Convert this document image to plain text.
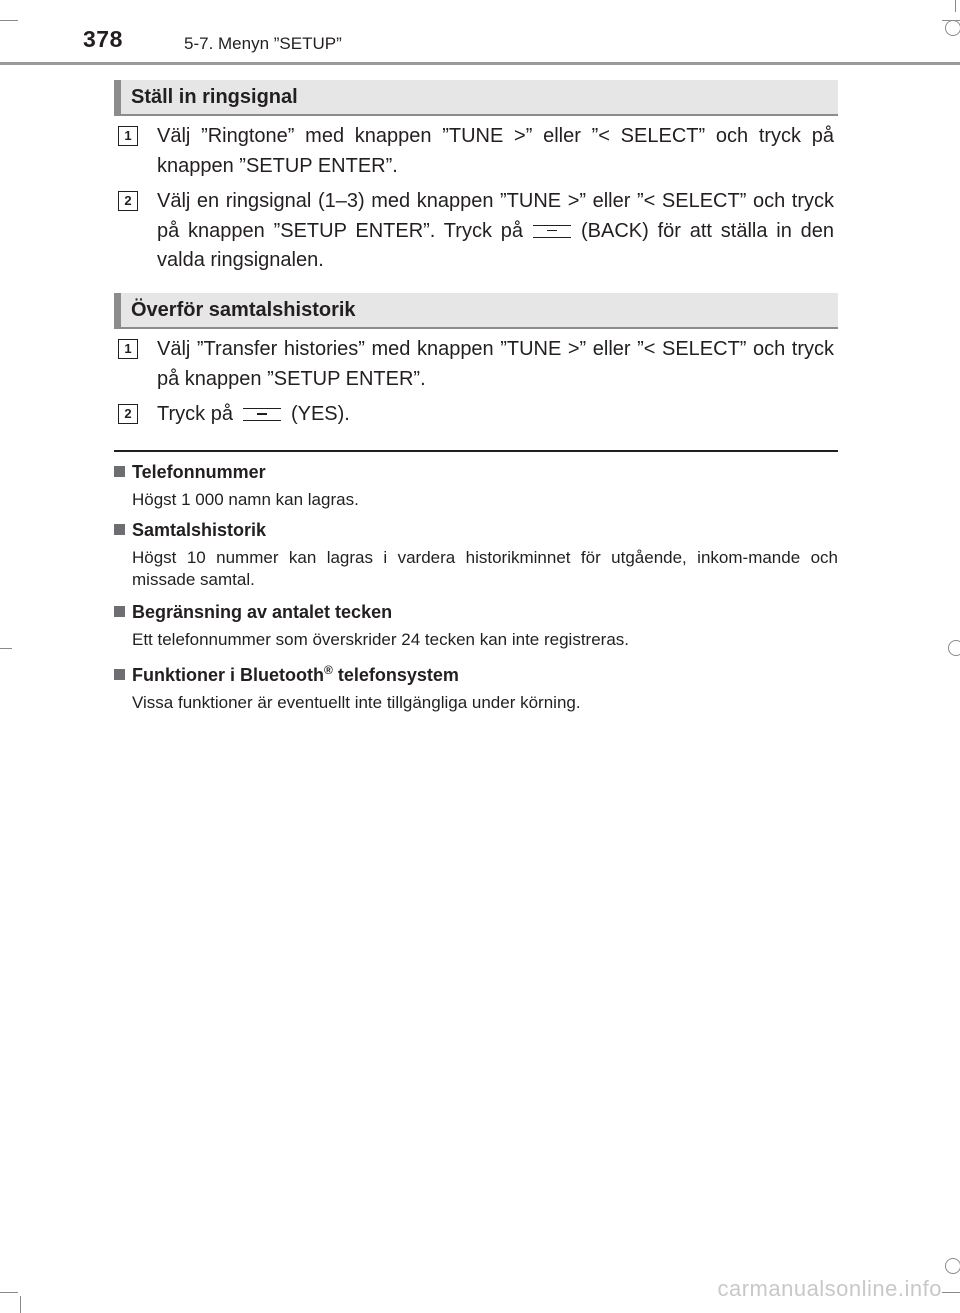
378	5-7. Menyn ”SETUP”
Ställ in ringsignal
1	Välj ”Ringtone” med knappen ”TUNE >” eller ”< SELECT” och tryck på knappen ”SETUP ENTER”.
2	Välj en ringsignal (1–3) med knappen ”TUNE >” eller ”< SELECT” och tryck på knappen ”SETUP ENTER”. Tryck på	(BACK) för att ställa in den valda ringsignalen.
Överför samtalshistorik
1	Välj ”Transfer histories” med knappen ”TUNE >” eller ”< SELECT” och tryck på knappen ”SETUP ENTER”.
2	Tryck på	(YES).
Telefonnummer
Högst 1 000 namn kan lagras.
Samtalshistorik
Högst 10 nummer kan lagras i vardera historikminnet för utgående, inkom-mande och missade samtal.
Begränsning av antalet tecken
Ett telefonnummer som överskrider 24 tecken kan inte registreras.
Funktioner i Bluetooth® telefonsystem
Vissa funktioner är eventuellt inte tillgängliga under körning.
carmanualsonline.info
